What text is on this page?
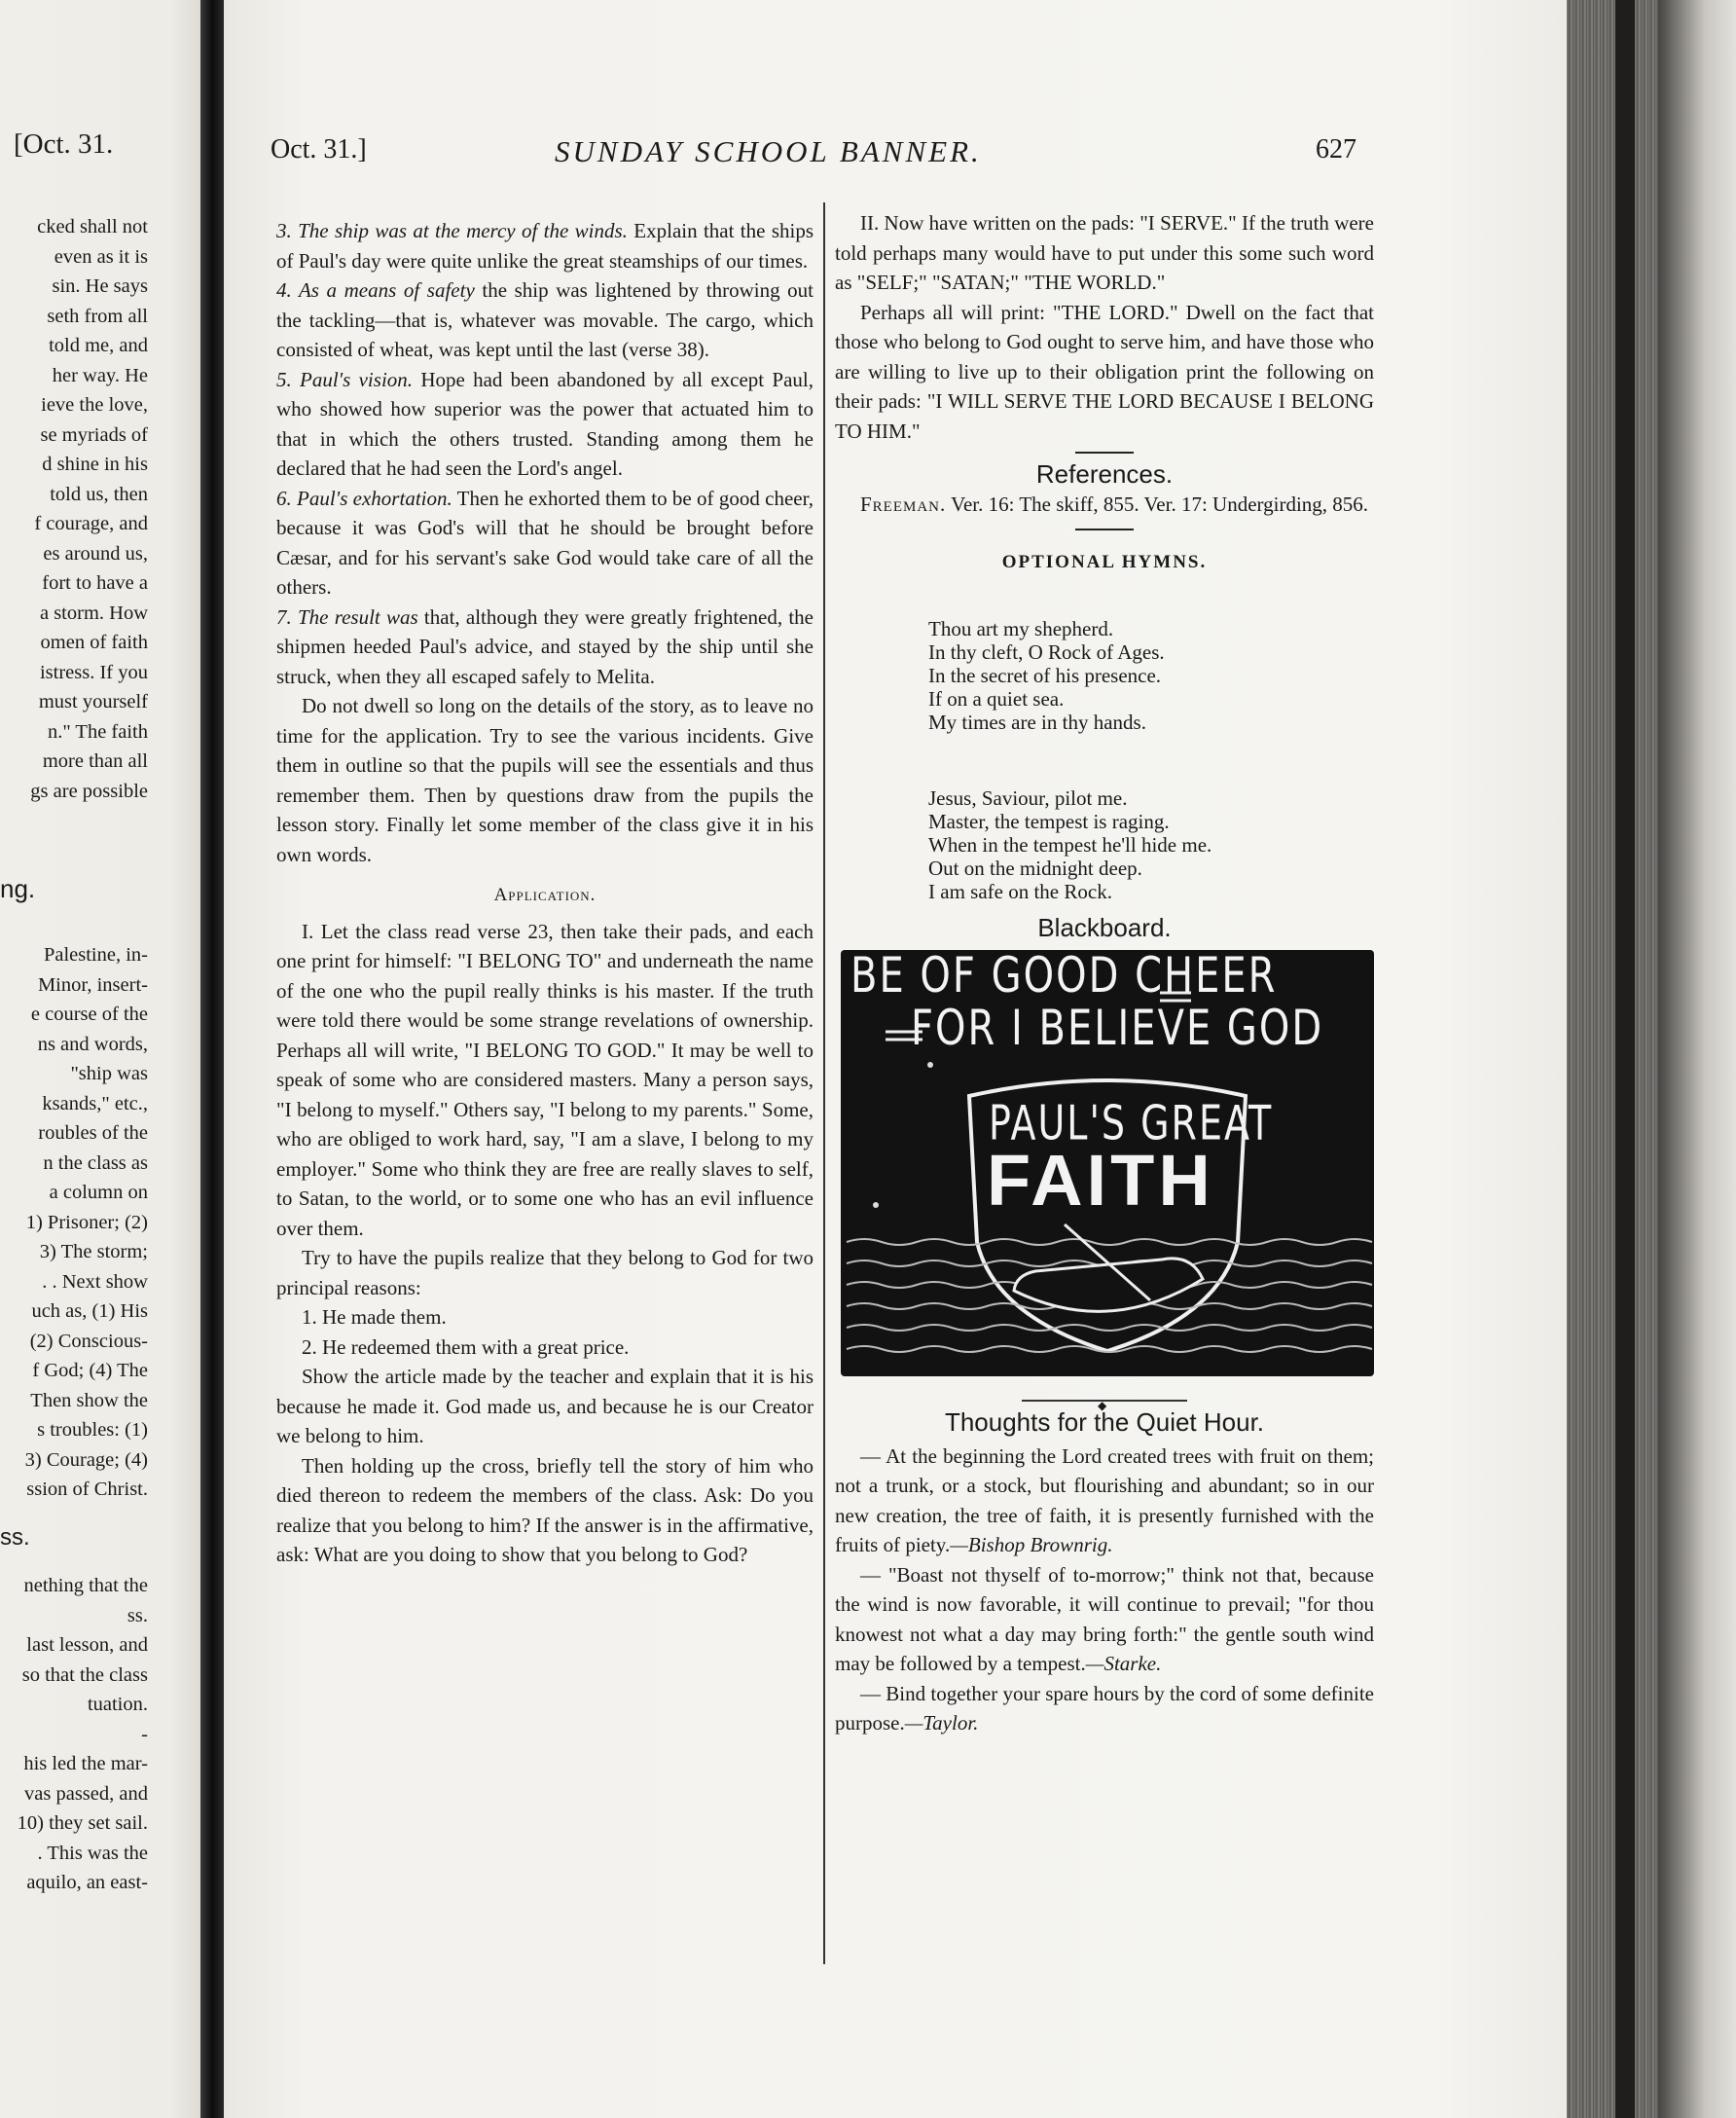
[Oct. 31.
cked shall not
even as it is
sin. He says
seth from all
told me, and
her way. He
ieve the love,
se myriads of
d shine in his
told us, then
f courage, and
es around us,
fort to have a
a storm. How
omen of faith
istress. If you
must yourself
n." The faith
more than all
gs are possible
ng.
Palestine, in-
Minor, insert-
e course of the
ns and words,
"ship was
ksands," etc.,
roubles of the
n the class as
a column on
1) Prisoner; (2)
3) The storm;
. . Next show
uch as, (1) His
(2) Conscious-
f God; (4) The
Then show the
s troubles: (1)
3) Courage; (4)
ssion of Christ.
ss.
nething that the
ss.
last lesson, and
so that the class
tuation.
-
his led the mar-
vas passed, and
10) they set sail.
. This was the
aquilo, an east-
Oct. 31.]	SUNDAY SCHOOL BANNER.	627

3. The ship was at the mercy of the winds. Explain that the ships of Paul's day were quite unlike the great steamships of our times.

4. As a means of safety the ship was lightened by throwing out the tackling—that is, whatever was movable. The cargo, which consisted of wheat, was kept until the last (verse 38).

5. Paul's vision. Hope had been abandoned by all except Paul, who showed how superior was the power that actuated him to that in which the others trusted. Standing among them he declared that he had seen the Lord's angel.

6. Paul's exhortation. Then he exhorted them to be of good cheer, because it was God's will that he should be brought before Cæsar, and for his servant's sake God would take care of all the others.

7. The result was that, although they were greatly frightened, the shipmen heeded Paul's advice, and stayed by the ship until she struck, when they all escaped safely to Melita.

Do not dwell so long on the details of the story, as to leave no time for the application. Try to see the various incidents. Give them in outline so that the pupils will see the essentials and thus remember them. Then by questions draw from the pupils the lesson story. Finally let some member of the class give it in his own words.

Application.

I. Let the class read verse 23, then take their pads, and each one print for himself: "I BELONG TO" and underneath the name of the one who the pupil really thinks is his master. If the truth were told there would be some strange revelations of ownership. Perhaps all will write, "I BELONG TO GOD." It may be well to speak of some who are considered masters. Many a person says, "I belong to myself." Others say, "I belong to my parents." Some, who are obliged to work hard, say, "I am a slave, I belong to my employer." Some who think they are free are really slaves to self, to Satan, to the world, or to some one who has an evil influence over them.

Try to have the pupils realize that they belong to God for two principal reasons:

1. He made them.

2. He redeemed them with a great price.

Show the article made by the teacher and explain that it is his because he made it. God made us, and because he is our Creator we belong to him.

Then holding up the cross, briefly tell the story of him who died thereon to redeem the members of the class. Ask: Do you realize that you belong to him? If the answer is in the affirmative, ask: What are you doing to show that you belong to God?

II. Now have written on the pads: "I SERVE." If the truth were told perhaps many would have to put under this some such word as "SELF;" "SATAN;" "THE WORLD."

Perhaps all will print: "THE LORD." Dwell on the fact that those who belong to God ought to serve him, and have those who are willing to live up to their obligation print the following on their pads: "I WILL SERVE THE LORD BECAUSE I BELONG TO HIM."

References.

Freeman. Ver. 16: The skiff, 855. Ver. 17: Undergirding, 856.

OPTIONAL HYMNS.
Thou art my shepherd.
In thy cleft, O Rock of Ages.
In the secret of his presence.
If on a quiet sea.
My times are in thy hands.
Jesus, Saviour, pilot me.
Master, the tempest is raging.
When in the tempest he'll hide me.
Out on the midnight deep.
I am safe on the Rock.
Blackboard.
BE OF GOOD CHEER
FOR I BELIEVE GOD
PAUL'S GREAT
FAITH
◆
Thoughts for the Quiet Hour.

— At the beginning the Lord created trees with fruit on them; not a trunk, or a stock, but flourishing and abundant; so in our new creation, the tree of faith, it is presently furnished with the fruits of piety.—Bishop Brownrig.

— "Boast not thyself of to-morrow;" think not that, because the wind is now favorable, it will continue to prevail; "for thou knowest not what a day may bring forth:" the gentle south wind may be followed by a tempest.—Starke.

— Bind together your spare hours by the cord of some definite purpose.—Taylor.
